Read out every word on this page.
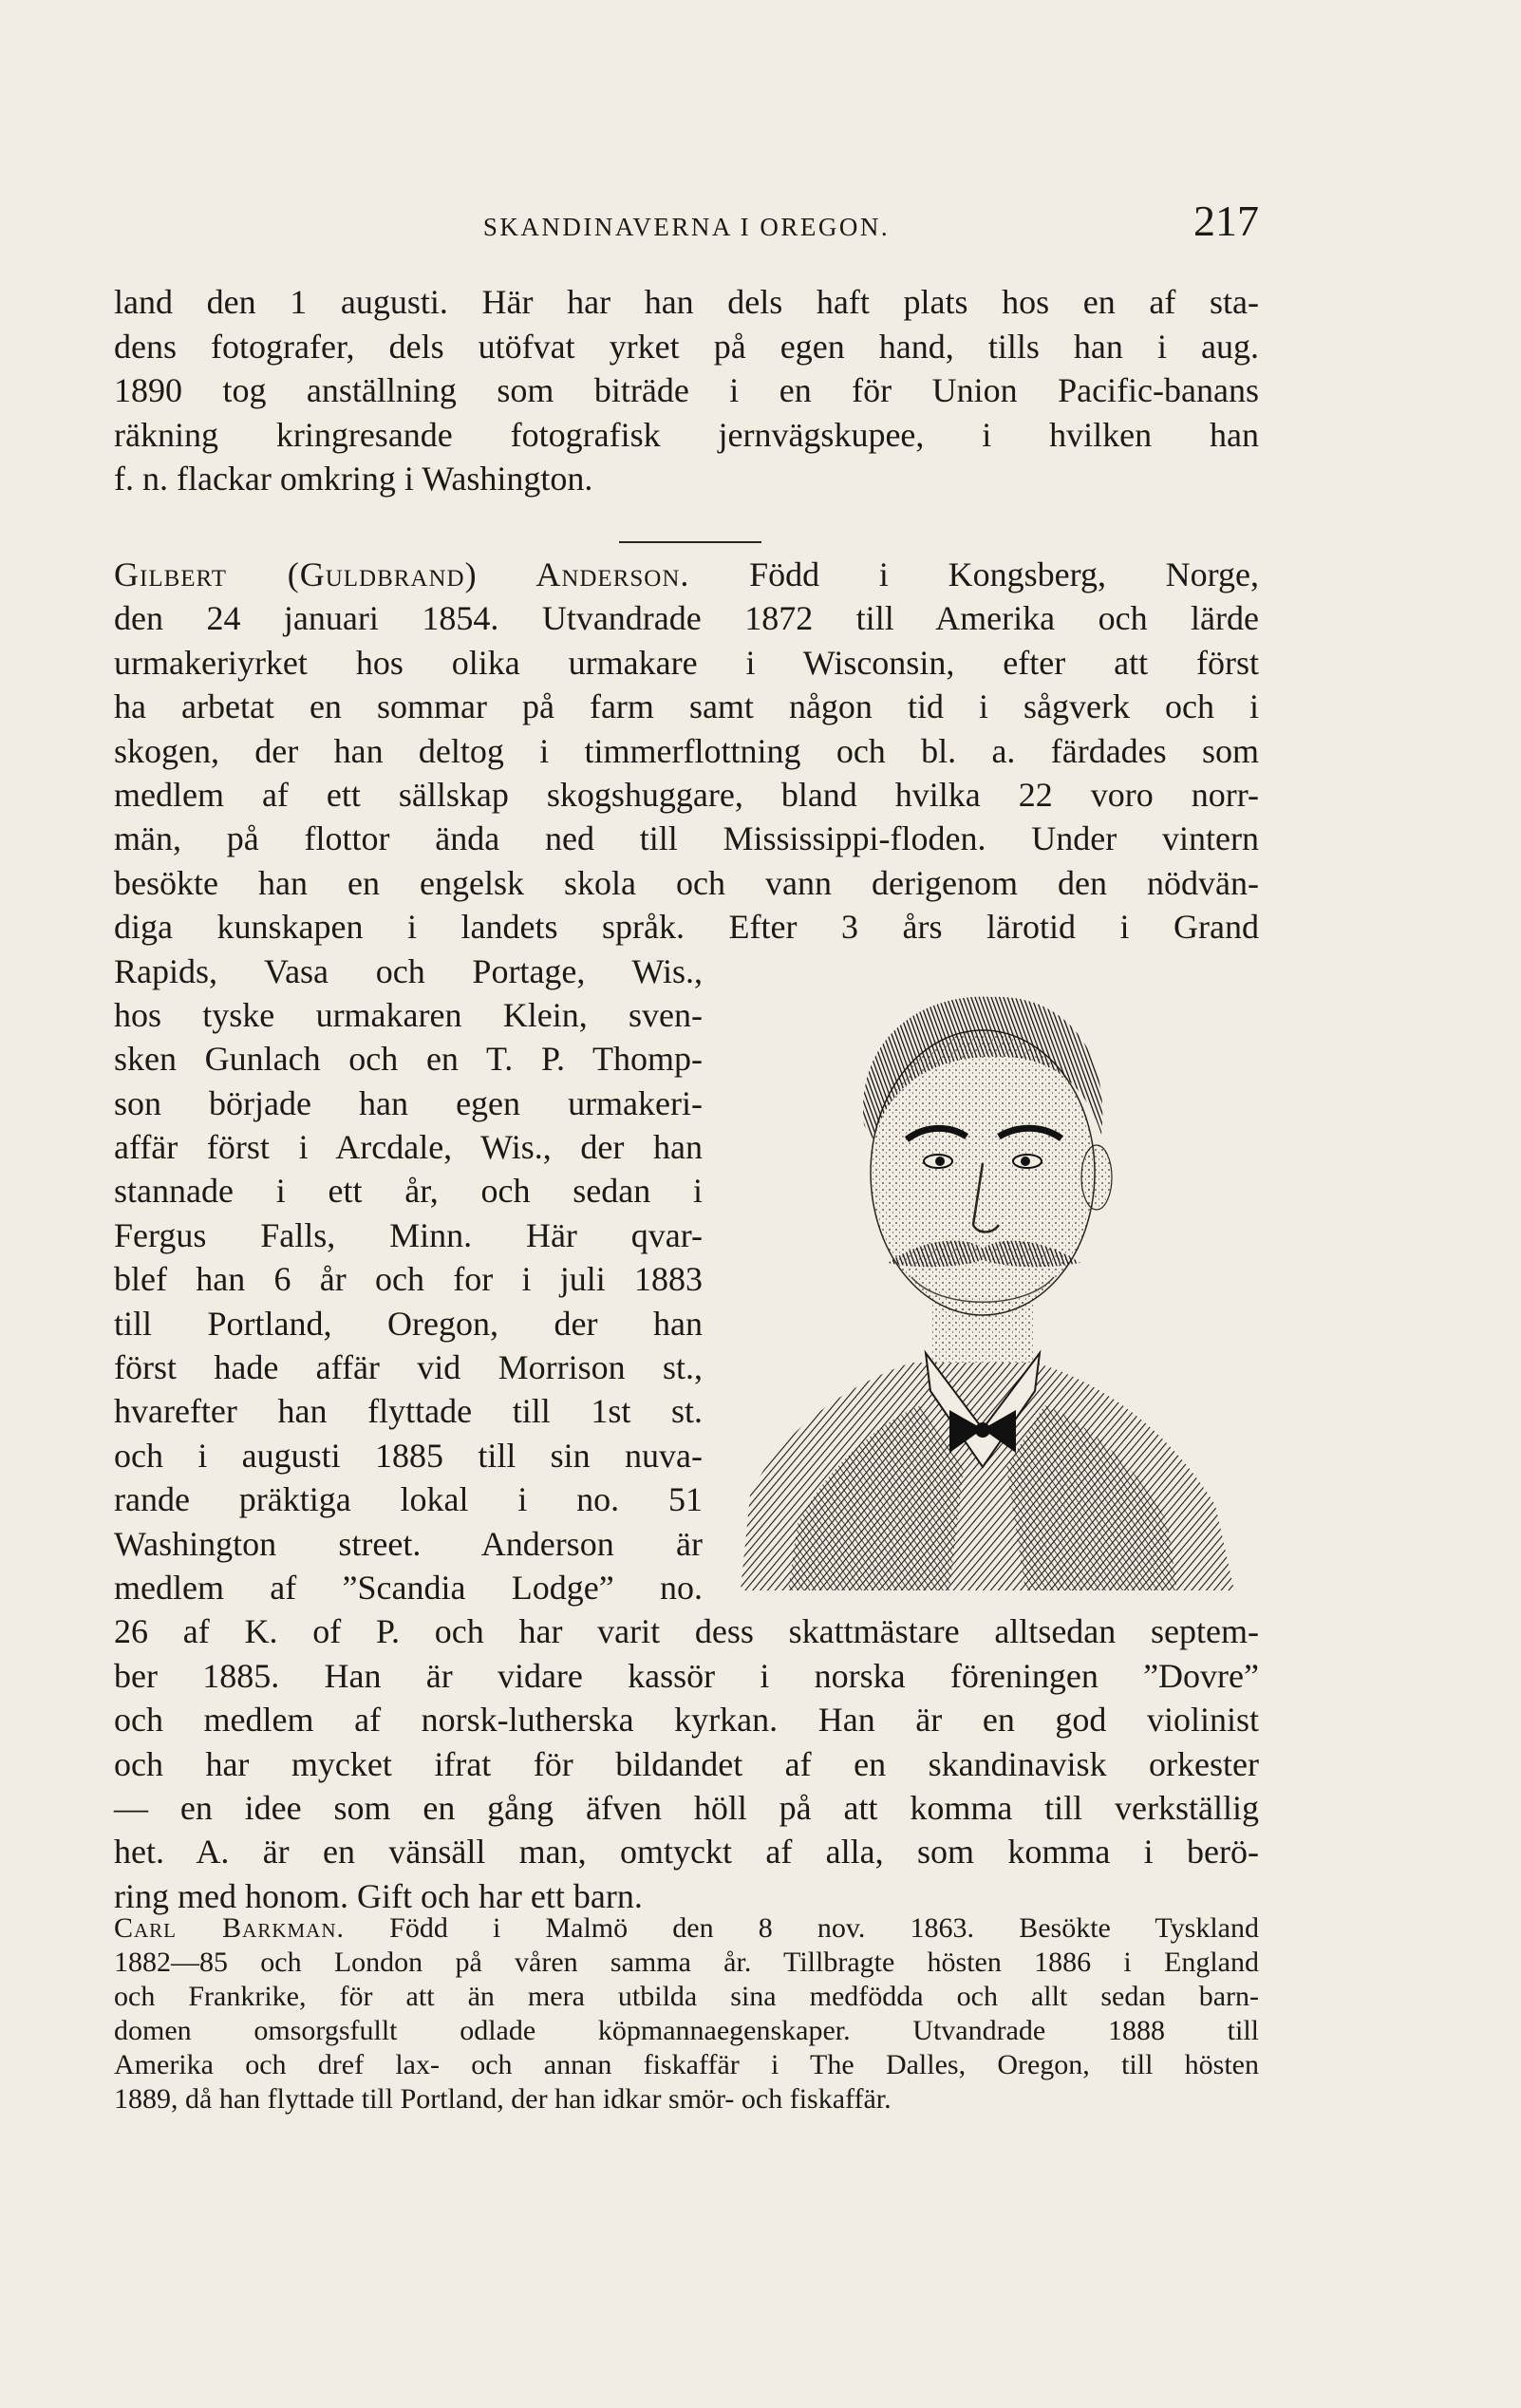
SKANDINAVERNA I OREGON.	217
land den 1 augusti. Här har han dels haft plats hos en af sta-
dens fotografer, dels utöfvat yrket på egen hand, tills han i aug.
1890 tog anställning som biträde i en för Union Pacific-banans
räkning kringresande fotografisk jernvägskupee, i hvilken han
f. n. flackar omkring i Washington.
Gilbert (Guldbrand) Anderson. Född i Kongsberg, Norge,
den 24 januari 1854. Utvandrade 1872 till Amerika och lärde
urmakeriyrket hos olika urmakare i Wisconsin, efter att först
ha arbetat en sommar på farm samt någon tid i sågverk och i
skogen, der han deltog i timmerflottning och bl. a. färdades som
medlem af ett sällskap skogshuggare, bland hvilka 22 voro norr-
män, på flottor ända ned till Mississippi-floden. Under vintern
besökte han en engelsk skola och vann derigenom den nödvän-
diga kunskapen i landets språk. Efter 3 års lärotid i Grand
Rapids, Vasa och Portage, Wis.,
hos tyske urmakaren Klein, sven-
sken Gunlach och en T. P. Thomp-
son började han egen urmakeri-
affär först i Arcdale, Wis., der han
stannade i ett år, och sedan i
Fergus Falls, Minn. Här qvar-
blef han 6 år och for i juli 1883
till Portland, Oregon, der han
först hade affär vid Morrison st.,
hvarefter han flyttade till 1st st.
och i augusti 1885 till sin nuva-
rande präktiga lokal i no. 51
Washington street. Anderson är
medlem af ”Scandia Lodge” no.
26 af K. of P. och har varit dess skattmästare alltsedan septem-
ber 1885. Han är vidare kassör i norska föreningen ”Dovre”
och medlem af norsk-lutherska kyrkan. Han är en god violinist
och har mycket ifrat för bildandet af en skandinavisk orkester
— en idee som en gång äfven höll på att komma till verkställig
het. A. är en vänsäll man, omtyckt af alla, som komma i berö-
ring med honom. Gift och har ett barn.
Carl Barkman. Född i Malmö den 8 nov. 1863. Besökte Tyskland
1882—85 och London på våren samma år. Tillbragte hösten 1886 i England
och Frankrike, för att än mera utbilda sina medfödda och allt sedan barn-
domen omsorgsfullt odlade köpmannaegenskaper. Utvandrade 1888 till
Amerika och dref lax- och annan fiskaffär i The Dalles, Oregon, till hösten
1889, då han flyttade till Portland, der han idkar smör- och fiskaffär.
